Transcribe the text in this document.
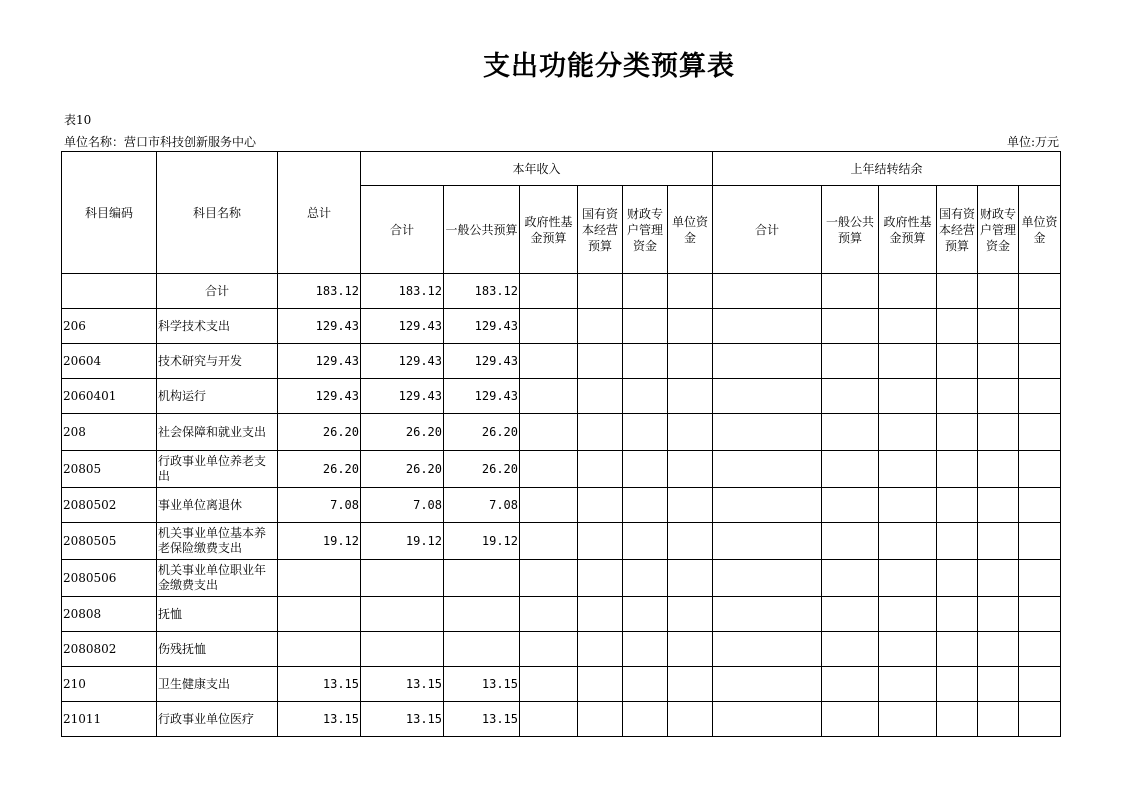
支出功能分类预算表
表10
单位名称：营口市科技创新服务中心	单位:万元
科目编码	科目名称	总计	本年收入						上年结转结余					
			合计	一般公共预算	政府性基金预算	国有资本经营预算	财政专户管理资金	单位资金	合计	一般公共预算	政府性基金预算	国有资本经营预算	财政专户管理资金	单位资金
	合计	183.12	183.12	183.12										
206	科学技术支出	129.43	129.43	129.43										
20604	技术研究与开发	129.43	129.43	129.43										
2060401	机构运行	129.43	129.43	129.43										
208	社会保障和就业支出	26.20	26.20	26.20										
20805	行政事业单位养老支出	26.20	26.20	26.20										
2080502	事业单位离退休	7.08	7.08	7.08										
2080505	机关事业单位基本养老保险缴费支出	19.12	19.12	19.12										
2080506	机关事业单位职业年金缴费支出													
20808	抚恤													
2080802	伤残抚恤													
210	卫生健康支出	13.15	13.15	13.15										
21011	行政事业单位医疗	13.15	13.15	13.15										
